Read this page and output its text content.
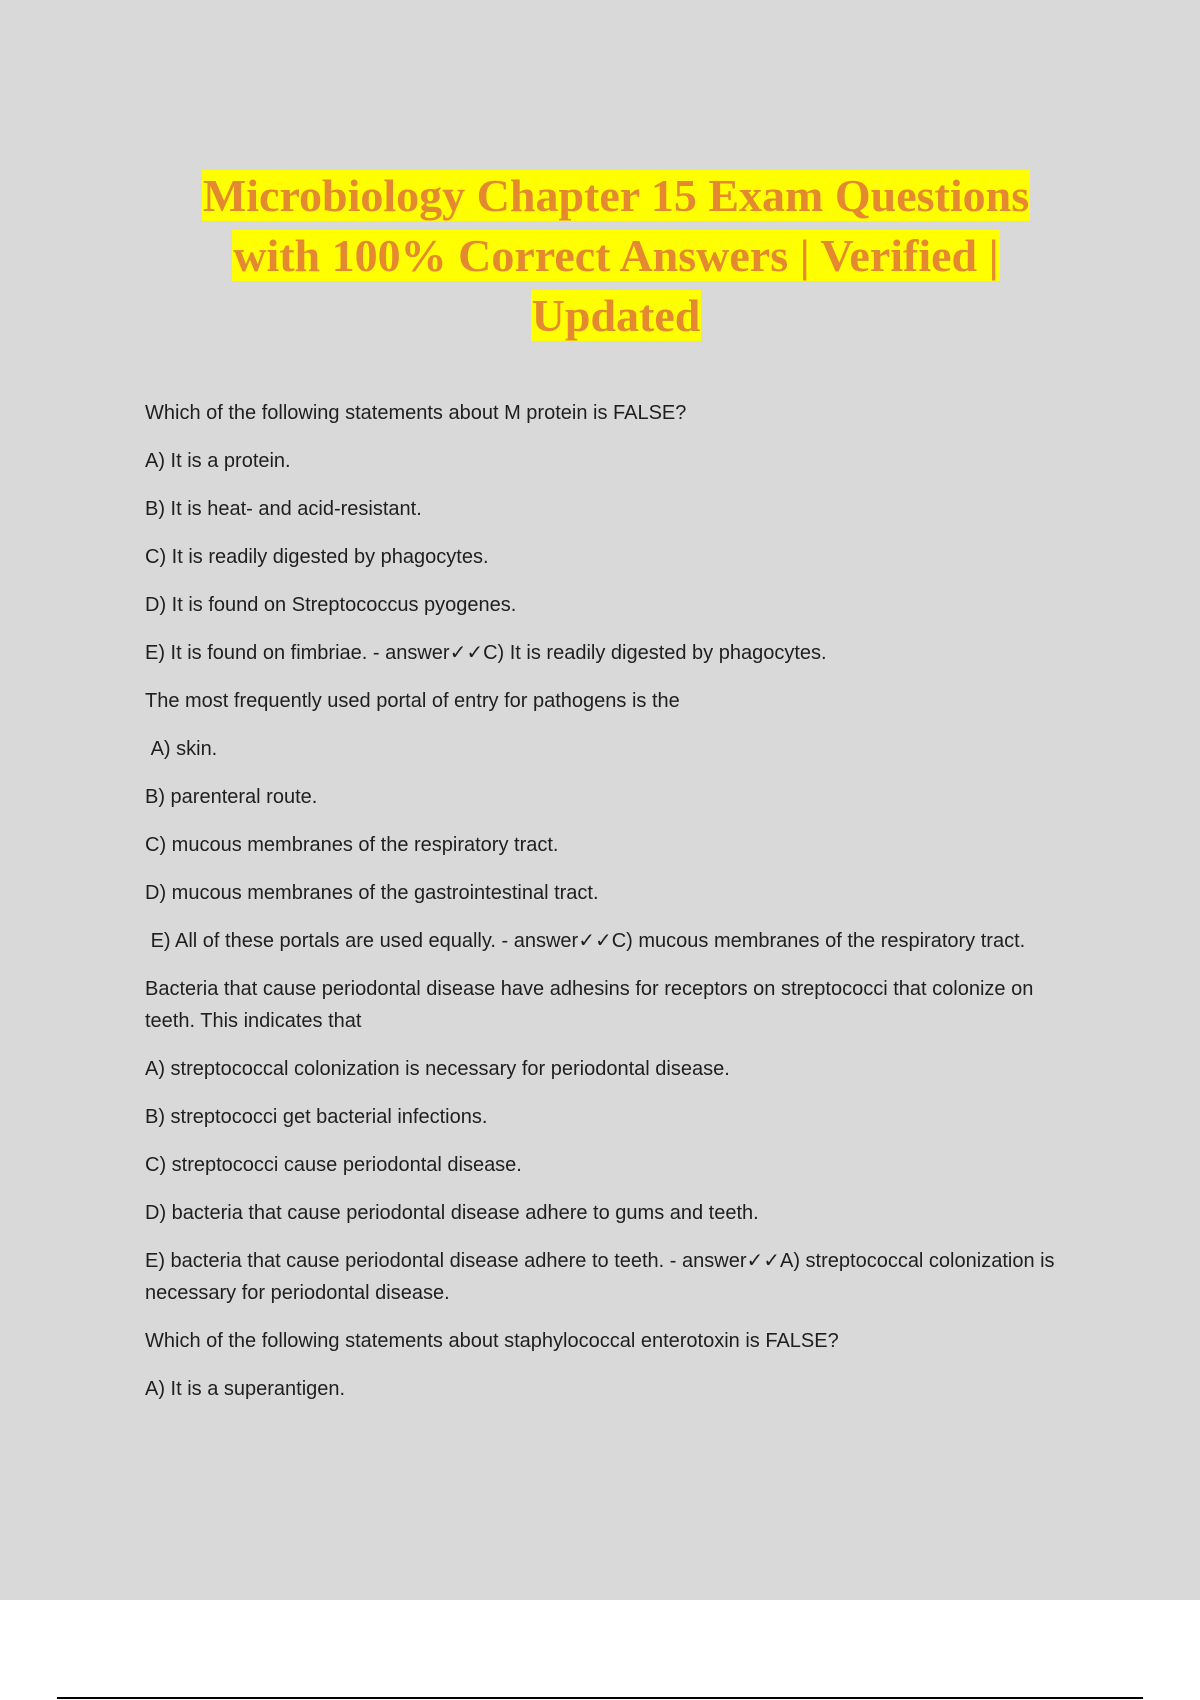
Microbiology Chapter 15 Exam Questions
with 100% Correct Answers | Verified |
Updated

Which of the following statements about M protein is FALSE?

A) It is a protein.

B) It is heat- and acid-resistant.

C) It is readily digested by phagocytes.

D) It is found on Streptococcus pyogenes.

E) It is found on fimbriae. - answer✓✓C) It is readily digested by phagocytes.

The most frequently used portal of entry for pathogens is the

A) skin.

B) parenteral route.

C) mucous membranes of the respiratory tract.

D) mucous membranes of the gastrointestinal tract.

E) All of these portals are used equally. - answer✓✓C) mucous membranes of the respiratory tract.

Bacteria that cause periodontal disease have adhesins for receptors on streptococci that colonize on teeth. This indicates that

A) streptococcal colonization is necessary for periodontal disease.

B) streptococci get bacterial infections.

C) streptococci cause periodontal disease.

D) bacteria that cause periodontal disease adhere to gums and teeth.

E) bacteria that cause periodontal disease adhere to teeth. - answer✓✓A) streptococcal colonization is necessary for periodontal disease.

Which of the following statements about staphylococcal enterotoxin is FALSE?

A) It is a superantigen.
